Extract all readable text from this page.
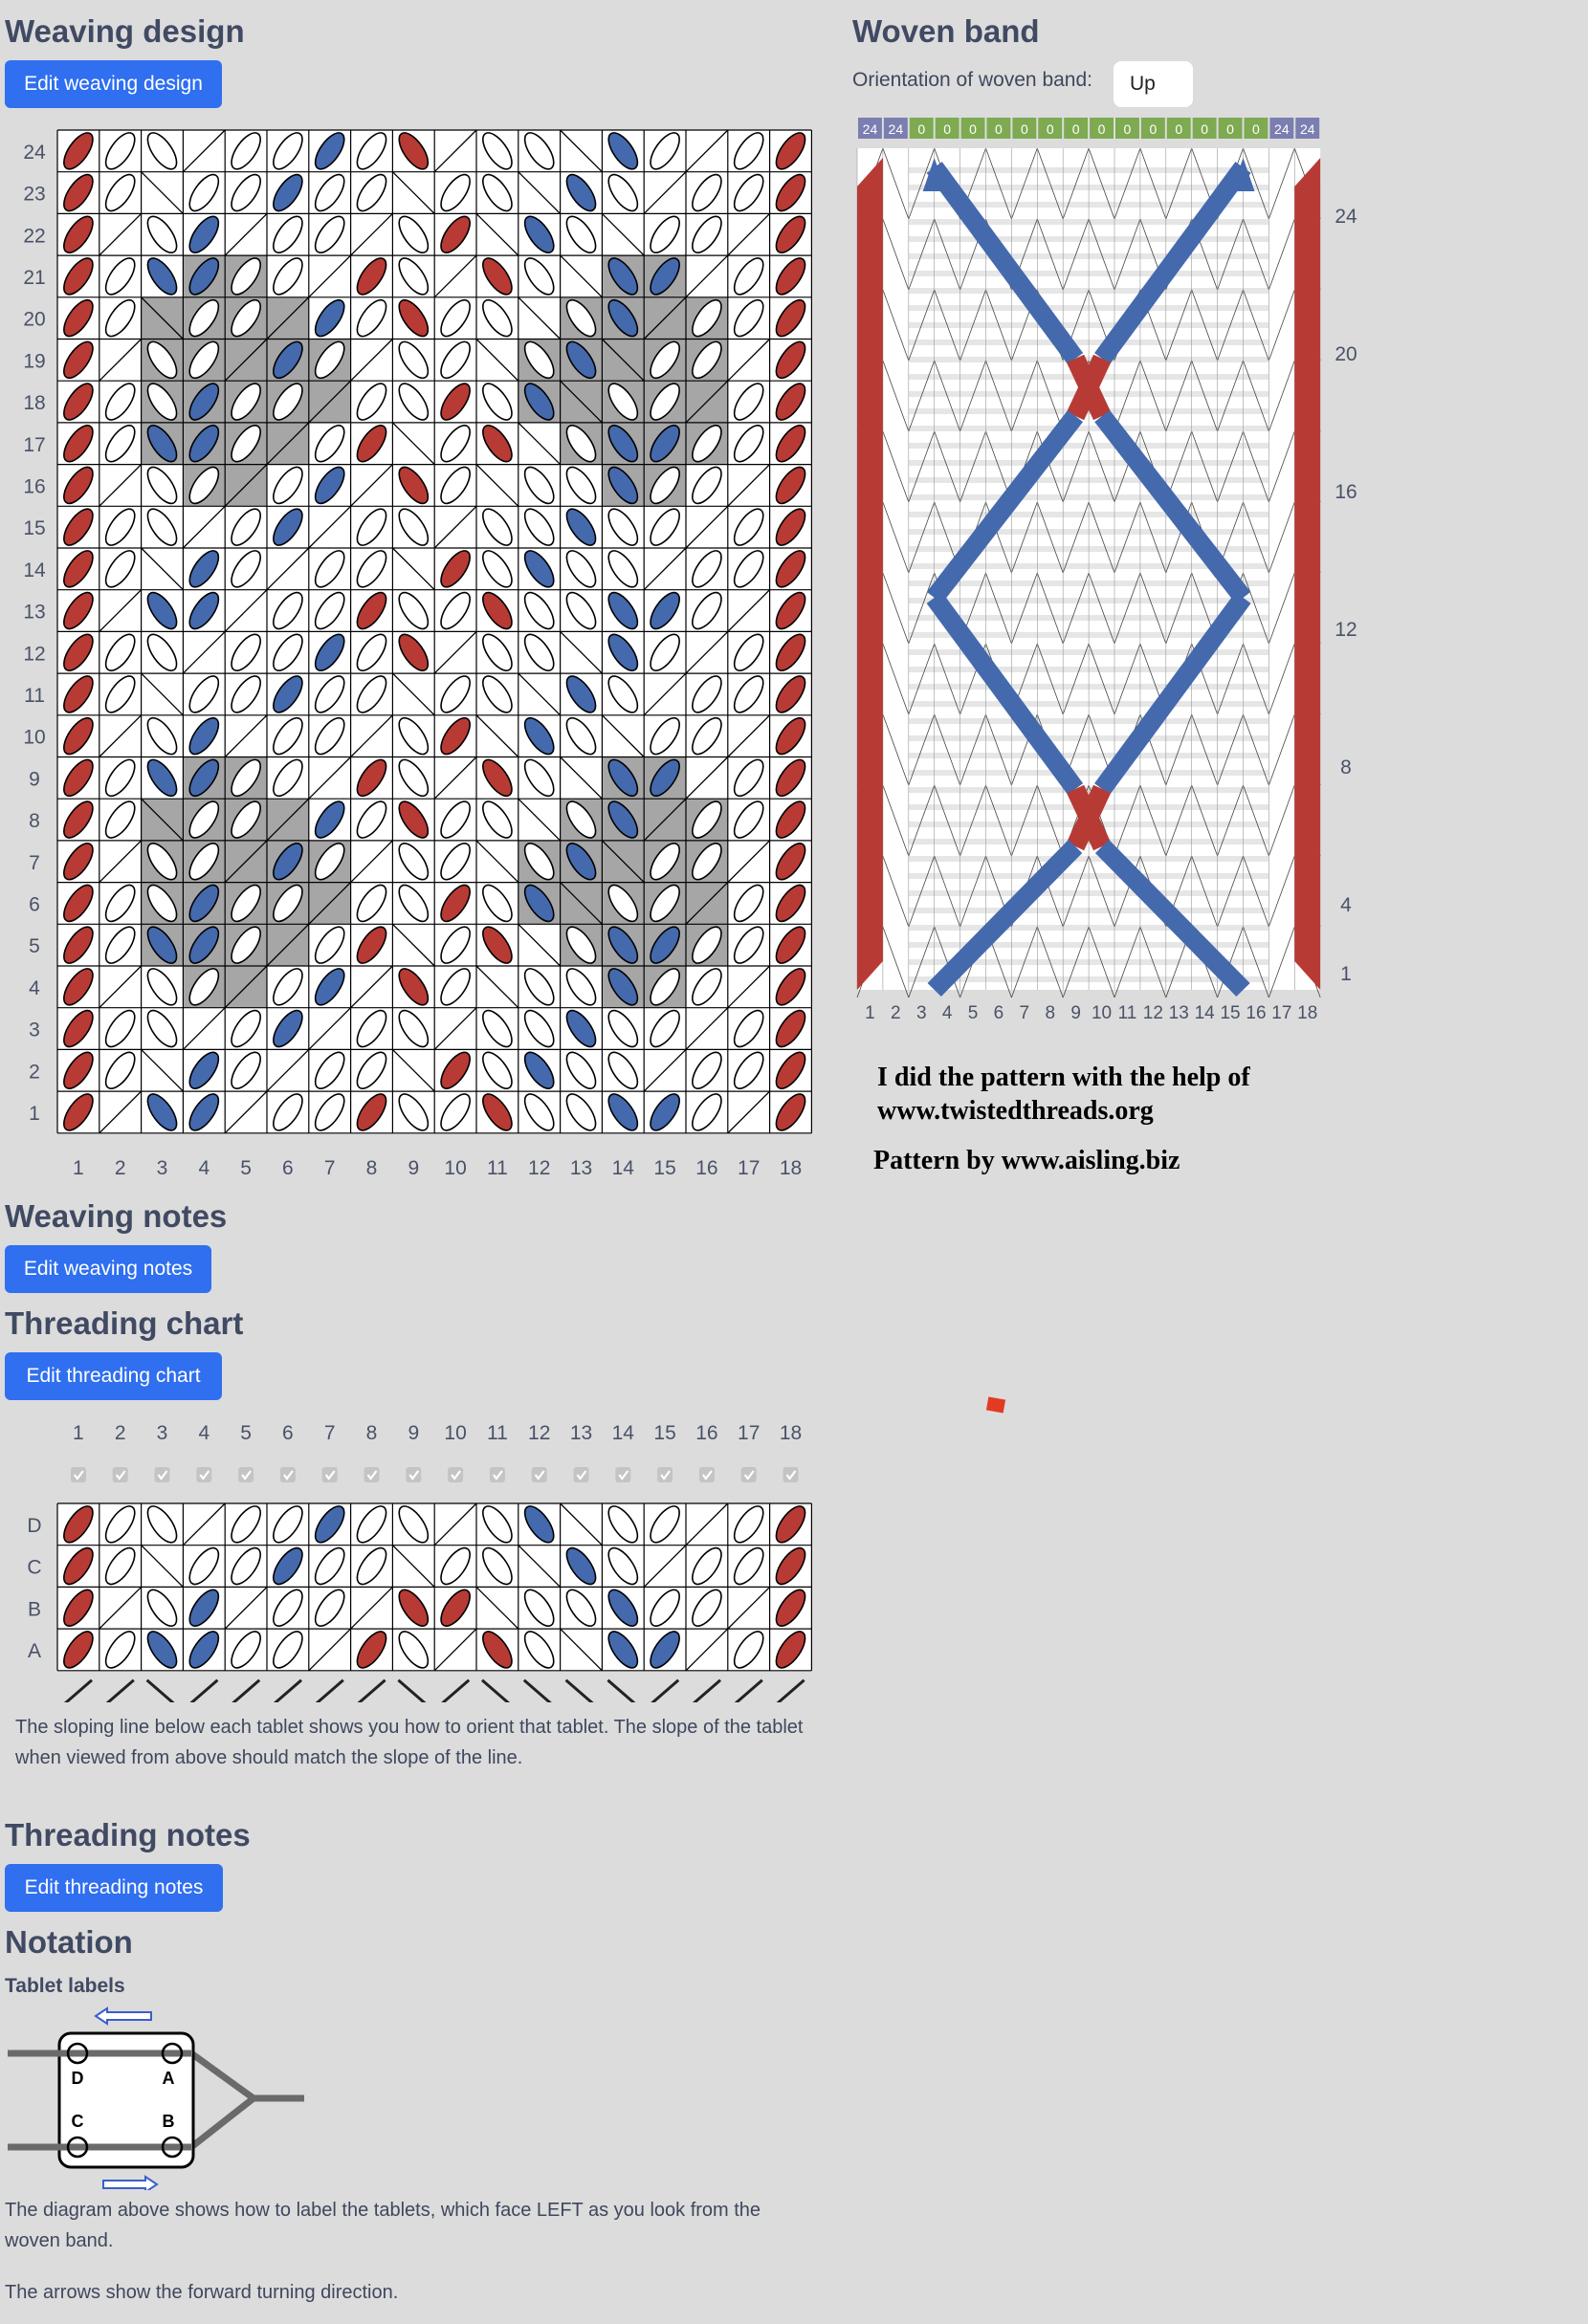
Weaving design
Edit weaving design
24
23
22
21
20
19
18
17
16
15
14
13
12
11
10
9
8
7
6
5
4
3
2
1
1 2 3 4 5 6 7 8 9 10 11 12 13 14 15 16 17 18
Woven band
Orientation of woven band:	Up
24 24 0 0 0 0 0 0 0 0 0 0 0 0 0 0 24 24
24
20
16
12
8
4
1
1 2 3 4 5 6 7 8 9 10 11 12 13 14 15 16 17 18
I did the pattern with the help of
www.twistedthreads.org
Pattern by www.aisling.biz
Weaving notes
Edit weaving notes
Threading chart
Edit threading chart
1 2 3 4 5 6 7 8 9 10 11 12 13 14 15 16 17 18
D
C
B
A
The sloping line below each tablet shows you how to orient that tablet. The slope of the tablet when viewed from above should match the slope of the line.
Threading notes
Edit threading notes
Notation
Tablet labels
D	A
C	B
The diagram above shows how to label the tablets, which face LEFT as you look from the woven band.
The arrows show the forward turning direction.
